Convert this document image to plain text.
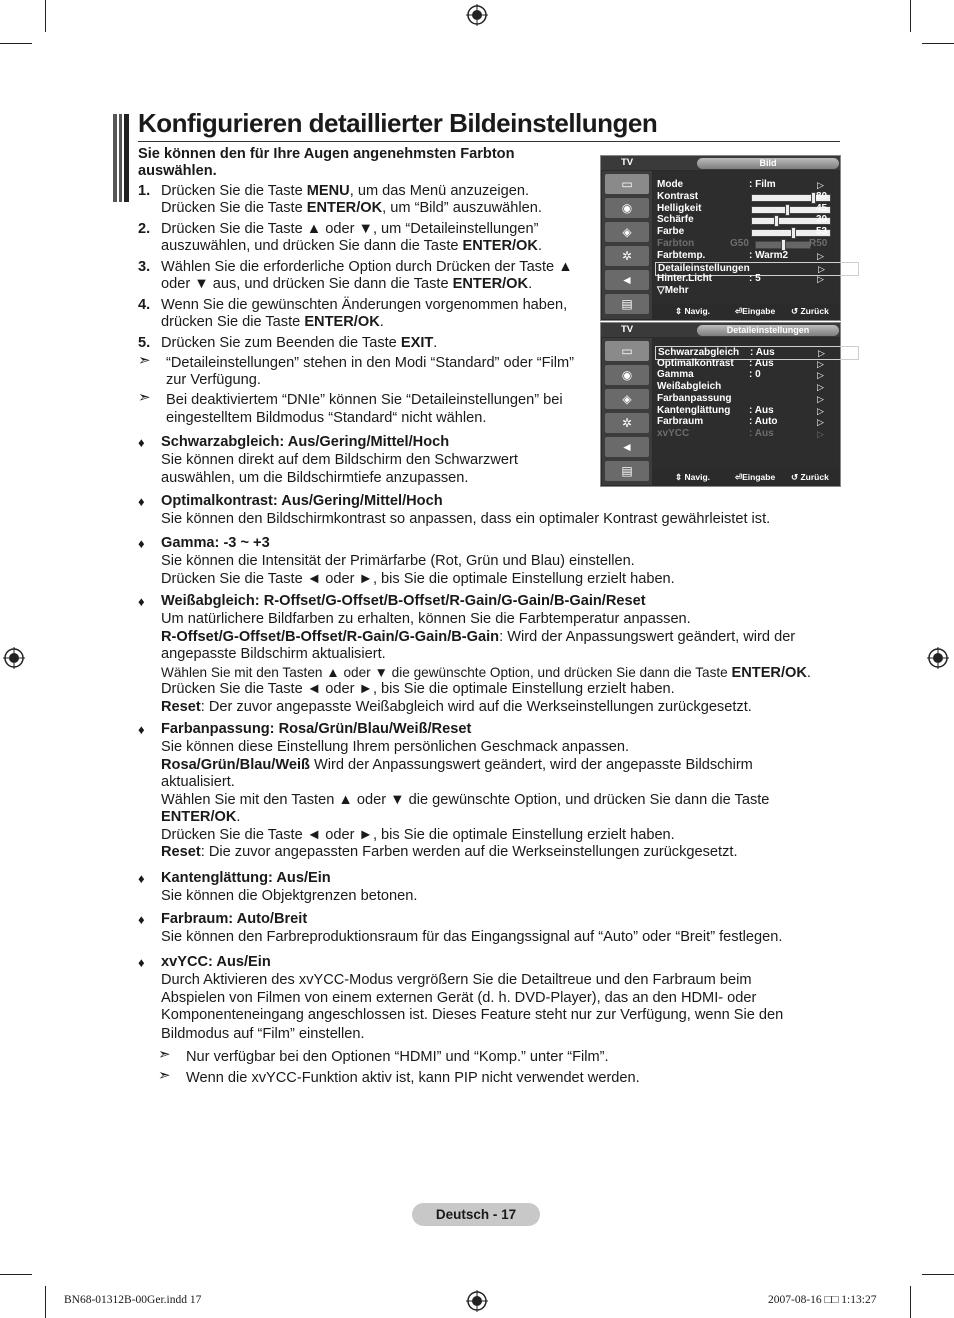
Konfigurieren detaillierter Bildeinstellungen
Sie können den für Ihre Augen angenehmsten Farbton
auswählen.
1. Drücken Sie die Taste MENU, um das Menü anzuzeigen.
Drücken Sie die Taste ENTER/OK, um “Bild” auszuwählen.
2. Drücken Sie die Taste ▲ oder ▼, um “Detaileinstellungen”
auszuwählen, und drücken Sie dann die Taste ENTER/OK.
3. Wählen Sie die erforderliche Option durch Drücken der Taste ▲
oder ▼ aus, und drücken Sie dann die Taste ENTER/OK.
4. Wenn Sie die gewünschten Änderungen vorgenommen haben,
drücken Sie die Taste ENTER/OK.
5. Drücken Sie zum Beenden die Taste EXIT.
➣ “Detaileinstellungen” stehen in den Modi “Standard” oder “Film”
zur Verfügung.
➣ Bei deaktiviertem “DNIe” können Sie “Detaileinstellungen” bei
eingestelltem Bildmodus “Standard“ nicht wählen.
♦ Schwarzabgleich: Aus/Gering/Mittel/Hoch
Sie können direkt auf dem Bildschirm den Schwarzwert
auswählen, um die Bildschirmtiefe anzupassen.
♦ Optimalkontrast: Aus/Gering/Mittel/Hoch
Sie können den Bildschirmkontrast so anpassen, dass ein optimaler Kontrast gewährleistet ist.
♦ Gamma: -3 ~ +3
Sie können die Intensität der Primärfarbe (Rot, Grün und Blau) einstellen.
Drücken Sie die Taste ◄ oder ►, bis Sie die optimale Einstellung erzielt haben.
♦ Weißabgleich: R-Offset/G-Offset/B-Offset/R-Gain/G-Gain/B-Gain/Reset
Um natürlichere Bildfarben zu erhalten, können Sie die Farbtemperatur anpassen.
R-Offset/G-Offset/B-Offset/R-Gain/G-Gain/B-Gain: Wird der Anpassungswert geändert, wird der
angepasste Bildschirm aktualisiert.
Wählen Sie mit den Tasten ▲ oder ▼ die gewünschte Option, und drücken Sie dann die Taste ENTER/OK.
Drücken Sie die Taste ◄ oder ►, bis Sie die optimale Einstellung erzielt haben.
Reset: Der zuvor angepasste Weißabgleich wird auf die Werkseinstellungen zurückgesetzt.
♦ Farbanpassung: Rosa/Grün/Blau/Weiß/Reset
Sie können diese Einstellung Ihrem persönlichen Geschmack anpassen.
Rosa/Grün/Blau/Weiß Wird der Anpassungswert geändert, wird der angepasste Bildschirm
aktualisiert.
Wählen Sie mit den Tasten ▲ oder ▼ die gewünschte Option, und drücken Sie dann die Taste
ENTER/OK.
Drücken Sie die Taste ◄ oder ►, bis Sie die optimale Einstellung erzielt haben.
Reset: Die zuvor angepassten Farben werden auf die Werkseinstellungen zurückgesetzt.
♦ Kantenglättung: Aus/Ein
Sie können die Objektgrenzen betonen.
♦ Farbraum: Auto/Breit
Sie können den Farbreproduktionsraum für das Eingangssignal auf “Auto” oder “Breit” festlegen.
♦ xvYCC: Aus/Ein
Durch Aktivieren des xvYCC-Modus vergrößern Sie die Detailtreue und den Farbraum beim
Abspielen von Filmen von einem externen Gerät (d. h. DVD-Player), das an den HDMI- oder
Komponenteneingang angeschlossen ist. Dieses Feature steht nur zur Verfügung, wenn Sie den
Bildmodus auf “Film” einstellen.
➣ Nur verfügbar bei den Optionen “HDMI” und “Komp.” unter “Film”.
➣ Wenn die xvYCC-Funktion aktiv ist, kann PIP nicht verwendet werden.
TV	Bild
▭
◉
◈
✲
◄
▤
Mode	: Film	▷
Kontrast	80
Helligkeit	45
Schärfe	30
Farbe	53
Farbton	G50	R50
Farbtemp.	: Warm2	▷
Detaileinstellungen	▷
Hinter.Licht	: 5	▷
▽Mehr
⇕ Navig.	⏎Eingabe ↺ Zurück
TV	Detaileinstellungen
▭
◉
◈
✲
◄
▤
Schwarzabgleich : Aus	▷
Optimalkontrast : Aus	▷
Gamma	: 0	▷
Weißabgleich	▷
Farbanpassung	▷
Kantenglättung : Aus	▷
Farbraum	: Auto	▷
xvYCC	: Aus	▷
⇕ Navig.	⏎Eingabe ↺ Zurück
Deutsch - 17
BN68-01312B-00Ger.indd 17	2007-08-16 □□ 1:13:27
